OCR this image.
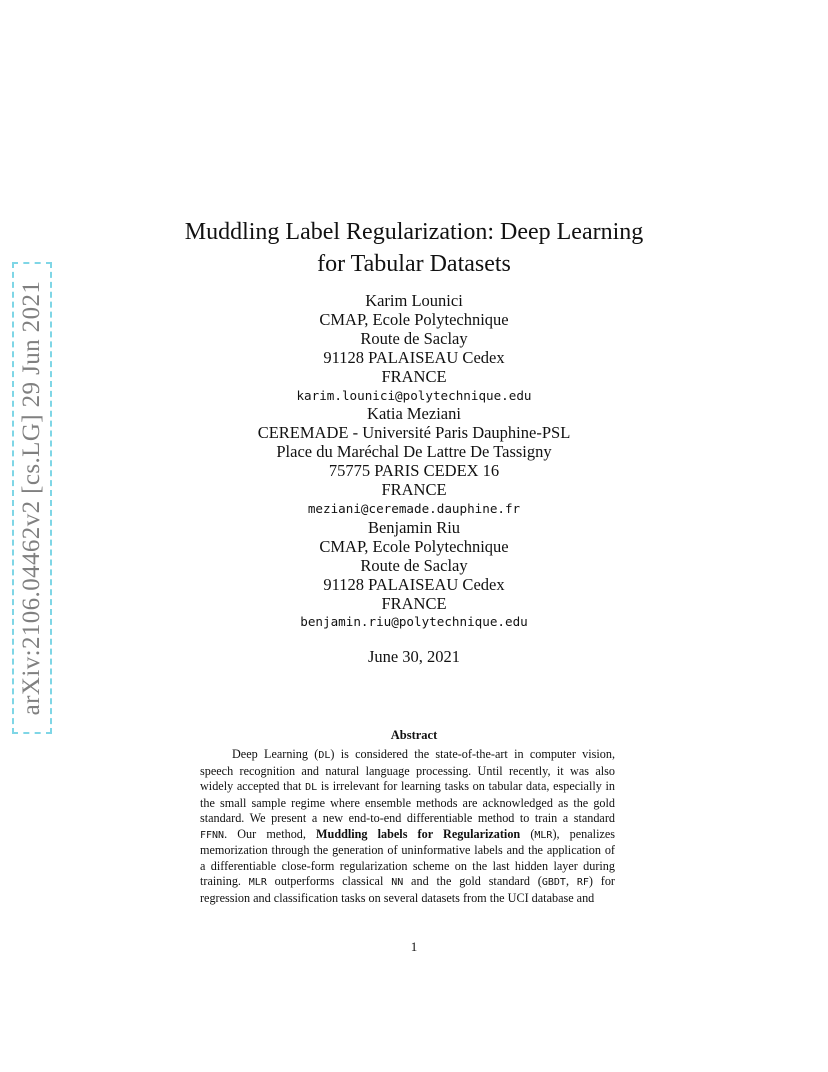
arXiv:2106.04462v2 [cs.LG] 29 Jun 2021
Muddling Label Regularization: Deep Learning
for Tabular Datasets
Karim Lounici
CMAP, Ecole Polytechnique
Route de Saclay
91128 PALAISEAU Cedex
FRANCE
karim.lounici@polytechnique.edu
Katia Meziani
CEREMADE - Université Paris Dauphine-PSL
Place du Maréchal De Lattre De Tassigny
75775 PARIS CEDEX 16
FRANCE
meziani@ceremade.dauphine.fr
Benjamin Riu
CMAP, Ecole Polytechnique
Route de Saclay
91128 PALAISEAU Cedex
FRANCE
benjamin.riu@polytechnique.edu
June 30, 2021
Abstract

Deep Learning (DL) is considered the state-of-the-art in computer vision, speech recognition and natural language processing. Until recently, it was also widely accepted that DL is irrelevant for learning tasks on tabular data, especially in the small sample regime where ensemble methods are acknowledged as the gold standard. We present a new end-to-end differentiable method to train a standard FFNN. Our method, Muddling labels for Regularization (MLR), penalizes memorization through the generation of uninformative labels and the application of a differentiable close-form regularization scheme on the last hidden layer during training. MLR outperforms classical NN and the gold standard (GBDT, RF) for regression and classification tasks on several datasets from the UCI database and

1
